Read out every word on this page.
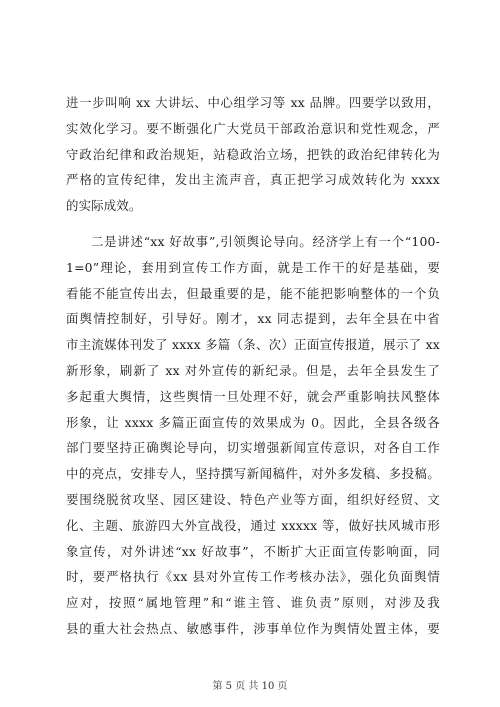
进一步叫响 xx 大讲坛、中心组学习等 xx 品牌。四要学以致用，
实效化学习。要不断强化广大党员干部政治意识和党性观念，严
守政治纪律和政治规矩，站稳政治立场，把铁的政治纪律转化为
严格的宣传纪律，发出主流声音，真正把学习成效转化为 xxxx
的实际成效。
二是讲述“xx 好故事”,引领舆论导向。经济学上有一个“100-
1=0”理论，套用到宣传工作方面，就是工作干的好是基础，要
看能不能宣传出去，但最重要的是，能不能把影响整体的一个负
面舆情控制好，引导好。刚才，xx 同志提到，去年全县在中省
市主流媒体刊发了 xxxx 多篇（条、次）正面宣传报道，展示了 xx
新形象，刷新了 xx 对外宣传的新纪录。但是，去年全县发生了
多起重大舆情，这些舆情一旦处理不好，就会严重影响扶风整体
形象，让 xxxx 多篇正面宣传的效果成为 0。因此，全县各级各
部门要坚持正确舆论导向，切实增强新闻宣传意识，对各自工作
中的亮点，安排专人，坚持撰写新闻稿件，对外多发稿、多投稿。
要围绕脱贫攻坚、园区建设、特色产业等方面，组织好经贸、文
化、主题、旅游四大外宣战役，通过 xxxxx 等，做好扶风城市形
象宣传，对外讲述“xx 好故事”，不断扩大正面宣传影响面，同
时，要严格执行《xx 县对外宣传工作考核办法》，强化负面舆情
应对，按照“属地管理”和“谁主管、谁负责”原则，对涉及我
县的重大社会热点、敏感事件，涉事单位作为舆情处置主体，要
第 5 页 共 10 页
